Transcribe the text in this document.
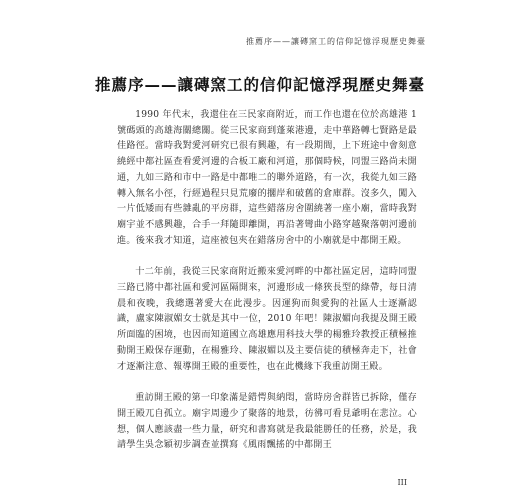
推薦序——讓磚窯工的信仰記憶浮現歷史舞臺
推薦序——讓磚窯工的信仰記憶浮現歷史舞臺

1990 年代末，我還住在三民家商附近，而工作也還在位於高雄港 1 號碼頭的高雄海關總關。從三民家商到蓬萊港邊，走中華路轉七賢路是最佳路徑。當時我對愛河研究已很有興趣，有一段期間，上下班途中會刻意繞經中都社區查看愛河邊的合板工廠和河道，那個時候，同盟三路尚未開通，九如三路和市中一路是中都唯二的聯外道路，有一次，我從九如三路轉入無名小徑，行經過程只見荒廢的擱岸和破舊的倉庫群。沒多久，闖入一片低矮而有些雜亂的平房群，這些錯落房舍圍繞著一座小廟，當時我對廟宇並不感興趣，合手一拜隨即離開，再沿著彎曲小路穿越聚落朝河邊前進。後來我才知道，這座被包夾在錯落房舍中的小廟就是中都開王殿。

十二年前，我從三民家商附近搬來愛河畔的中都社區定居，這時同盟三路已將中都社區和愛河區隔開來，河邊形成一條狹長型的綠帶，每日清晨和夜晚，我總選著愛大在此漫步。因運狗而與愛狗的社區人士逐漸認識，盧家陳淑媚女士就是其中一位，2010 年吧！陳淑媚向我提及開王殿所面臨的困境，也因而知道國立高雄應用科技大學的楊雅玲教授正積極推動開王殿保存運動，在楊雅玲、陳淑媚以及主要信徒的積極奔走下，社會才逐漸注意、報導開王殿的重要性，也在此機緣下我重訪開王殿。

重訪開王殿的第一印象滿是錯愕與納悶，當時房舍群皆已拆除，僅存開王殿兀自孤立。廟宇周邊少了聚落的地景，彷彿可看見爺明在悲泣。心想，個人應該盡一些力量，研究和書寫就是我最能勝任的任務，於是，我請學生吳念穎初步調查並撰寫《風雨飄搖的中都開王

III
